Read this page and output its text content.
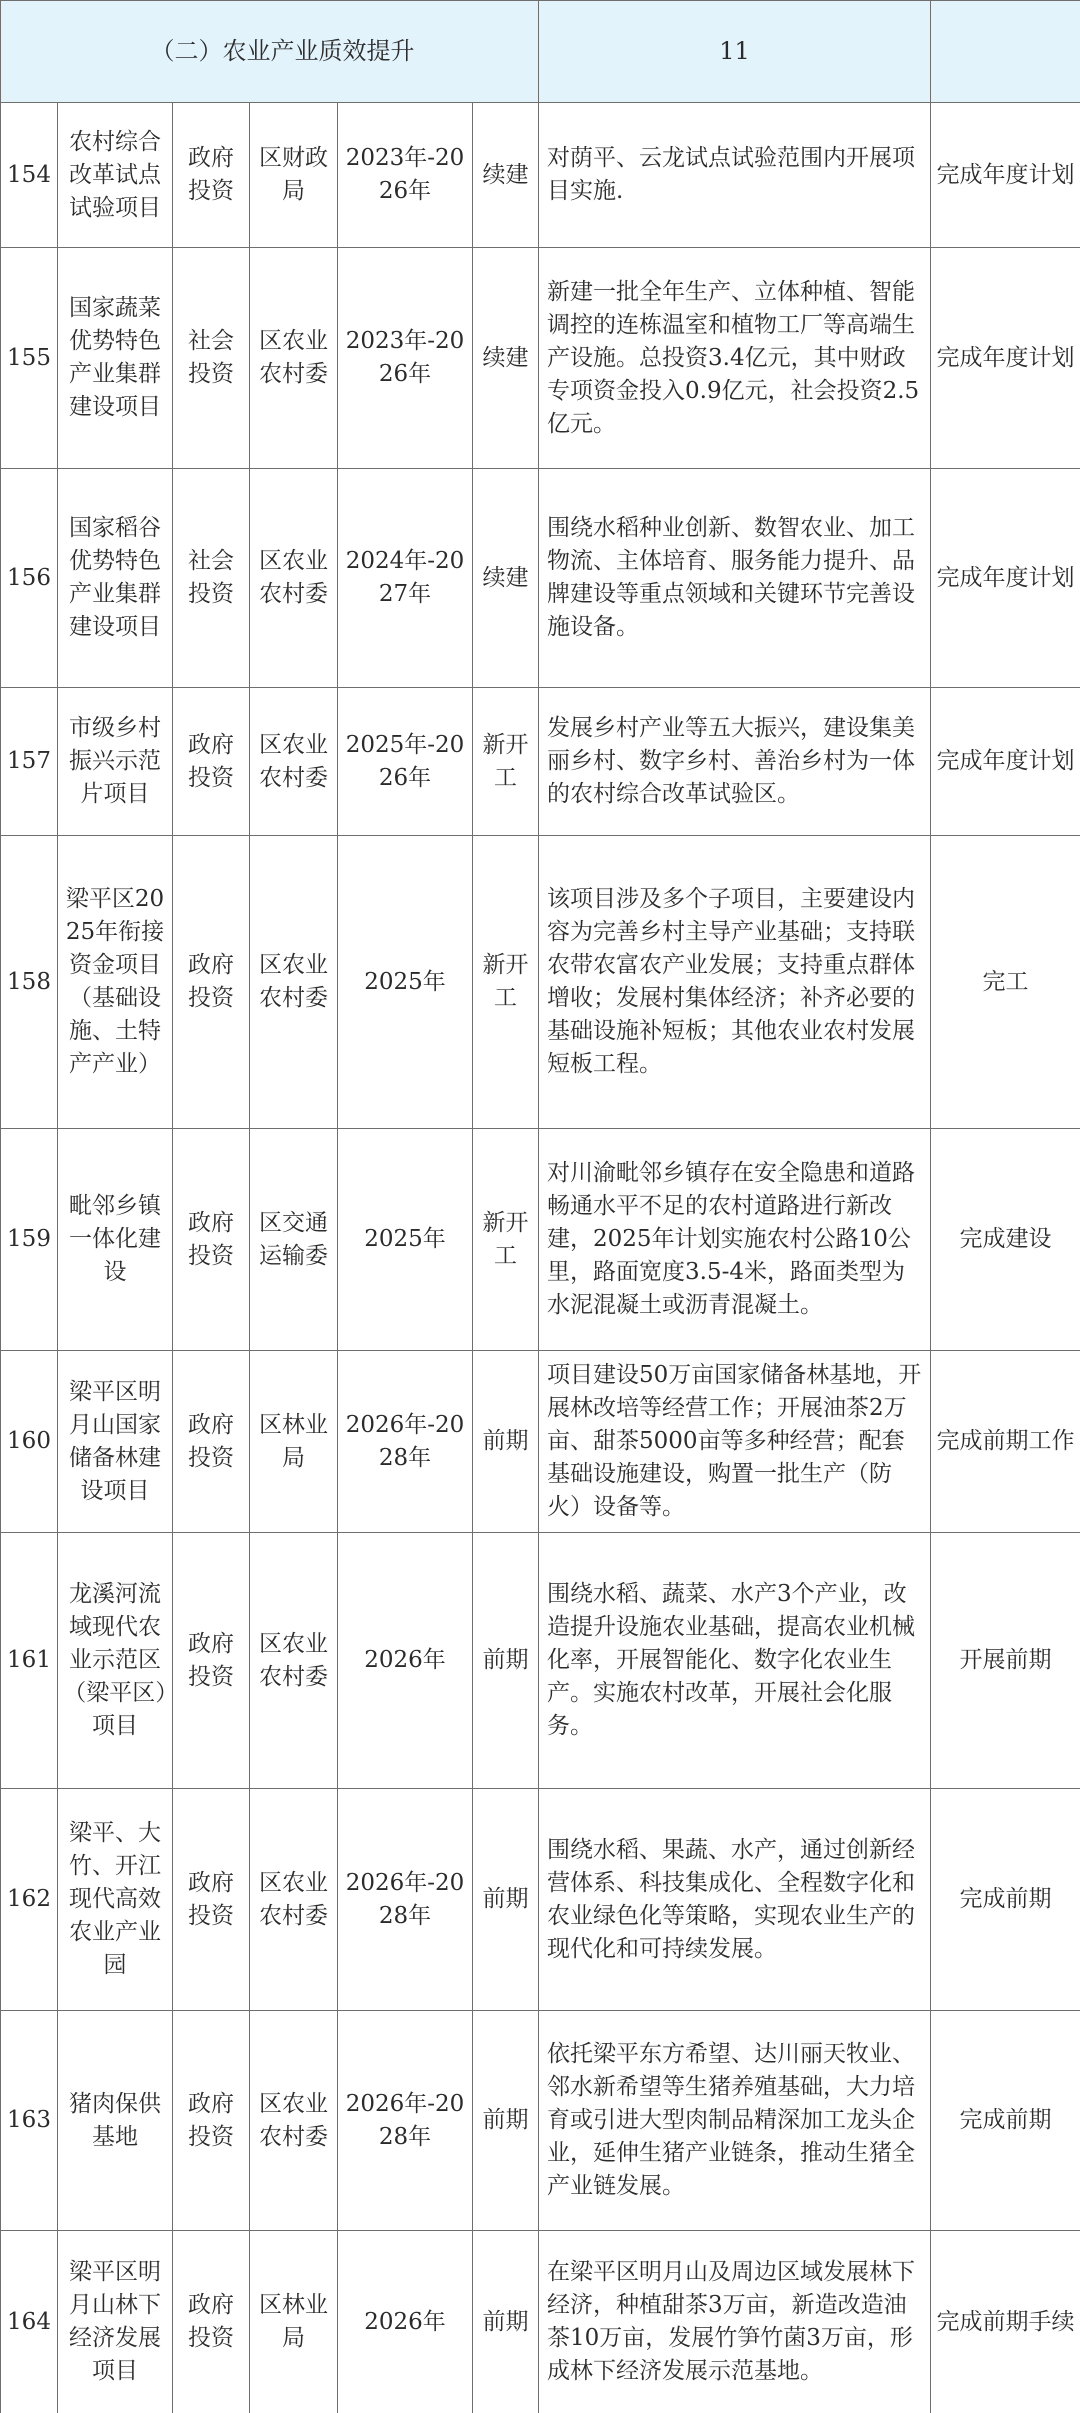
（二）农业产业质效提升						11	
154	农村综合改革试点试验项目	政府投资	区财政局	2023年-2026年	续建	对荫平、云龙试点试验范围内开展项目实施.	完成年度计划
155	国家蔬菜优势特色产业集群建设项目	社会投资	区农业农村委	2023年-2026年	续建	新建一批全年生产、立体种植、智能调控的连栋温室和植物工厂等高端生产设施。总投资3.4亿元，其中财政专项资金投入0.9亿元，社会投资2.5亿元。	完成年度计划
156	国家稻谷优势特色产业集群建设项目	社会投资	区农业农村委	2024年-2027年	续建	围绕水稻种业创新、数智农业、加工物流、主体培育、服务能力提升、品牌建设等重点领域和关键环节完善设施设备。	完成年度计划
157	市级乡村振兴示范片项目	政府投资	区农业农村委	2025年-2026年	新开工	发展乡村产业等五大振兴，建设集美丽乡村、数字乡村、善治乡村为一体的农村综合改革试验区。	完成年度计划
158	梁平区2025年衔接资金项目（基础设施、土特产产业）	政府投资	区农业农村委	2025年	新开工	该项目涉及多个子项目，主要建设内容为完善乡村主导产业基础；支持联农带农富农产业发展；支持重点群体增收；发展村集体经济；补齐必要的基础设施补短板；其他农业农村发展短板工程。	完工
159	毗邻乡镇一体化建设	政府投资	区交通运输委	2025年	新开工	对川渝毗邻乡镇存在安全隐患和道路畅通水平不足的农村道路进行新改建，2025年计划实施农村公路10公里，路面宽度3.5-4米，路面类型为水泥混凝土或沥青混凝土。	完成建设
160	梁平区明月山国家储备林建设项目	政府投资	区林业局	2026年-2028年	前期	项目建设50万亩国家储备林基地，开展林改培等经营工作；开展油茶2万亩、甜茶5000亩等多种经营；配套基础设施建设，购置一批生产（防火）设备等。	完成前期工作
161	龙溪河流域现代农业示范区（梁平区）项目	政府投资	区农业农村委	2026年	前期	围绕水稻、蔬菜、水产3个产业，改造提升设施农业基础，提高农业机械化率，开展智能化、数字化农业生产。实施农村改革，开展社会化服务。	开展前期
162	梁平、大竹、开江现代高效农业产业园	政府投资	区农业农村委	2026年-2028年	前期	围绕水稻、果蔬、水产，通过创新经营体系、科技集成化、全程数字化和农业绿色化等策略，实现农业生产的现代化和可持续发展。	完成前期
163	猪肉保供基地	政府投资	区农业农村委	2026年-2028年	前期	依托梁平东方希望、达川丽天牧业、邻水新希望等生猪养殖基础，大力培育或引进大型肉制品精深加工龙头企业，延伸生猪产业链条，推动生猪全产业链发展。	完成前期
164	梁平区明月山林下经济发展项目	政府投资	区林业局	2026年	前期	在梁平区明月山及周边区域发展林下经济，种植甜茶3万亩，新造改造油茶10万亩，发展竹笋竹菌3万亩，形成林下经济发展示范基地。	完成前期手续
